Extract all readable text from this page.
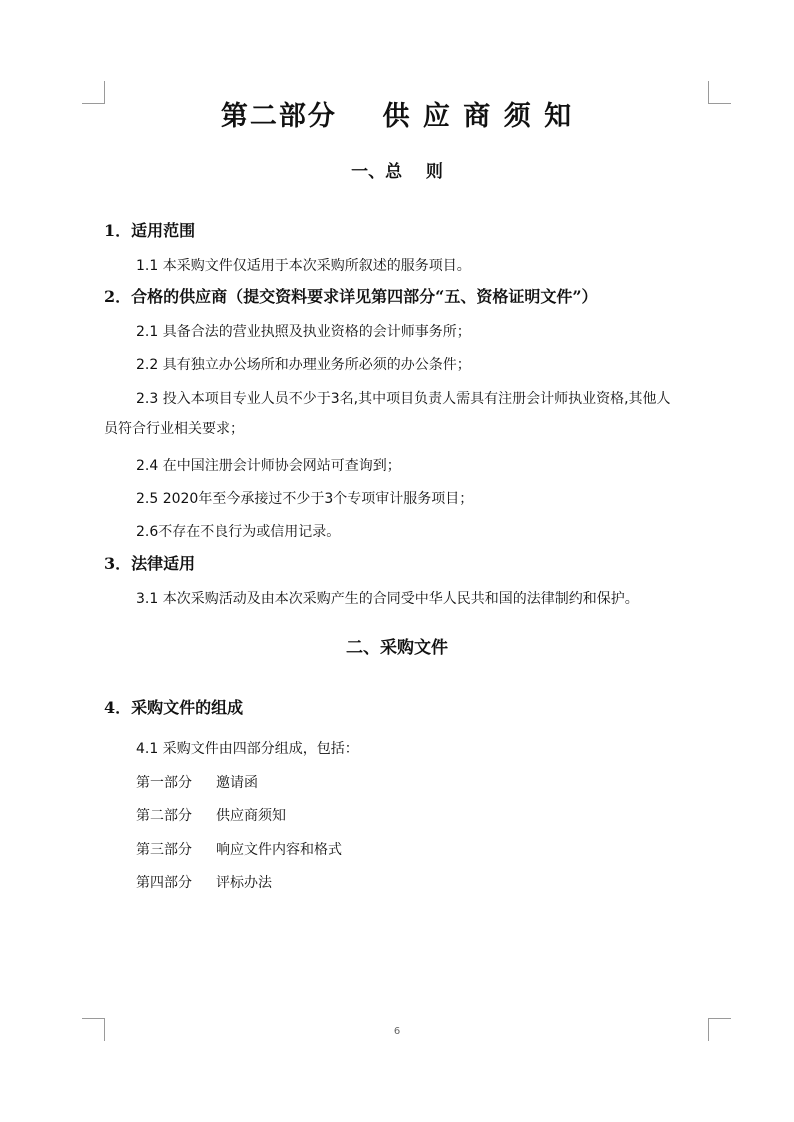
第二部分    供 应 商 须 知
一、总    则
1．适用范围
1.1 本采购文件仅适用于本次采购所叙述的服务项目。
2．合格的供应商（提交资料要求详见第四部分“五、资格证明文件”）
2.1 具备合法的营业执照及执业资格的会计师事务所；
2.2 具有独立办公场所和办理业务所必须的办公条件；
2.3 投入本项目专业人员不少于3名,其中项目负责人需具有注册会计师执业资格,其他人员符合行业相关要求；
2.4 在中国注册会计师协会网站可查询到；
2.5 2020年至今承接过不少于3个专项审计服务项目；
2.6不存在不良行为或信用记录。
3．法律适用
3.1 本次采购活动及由本次采购产生的合同受中华人民共和国的法律制约和保护。
二、采购文件
4．采购文件的组成
4.1 采购文件由四部分组成，包括：
第一部分	邀请函
第二部分	供应商须知
第三部分	响应文件内容和格式
第四部分	评标办法
6
